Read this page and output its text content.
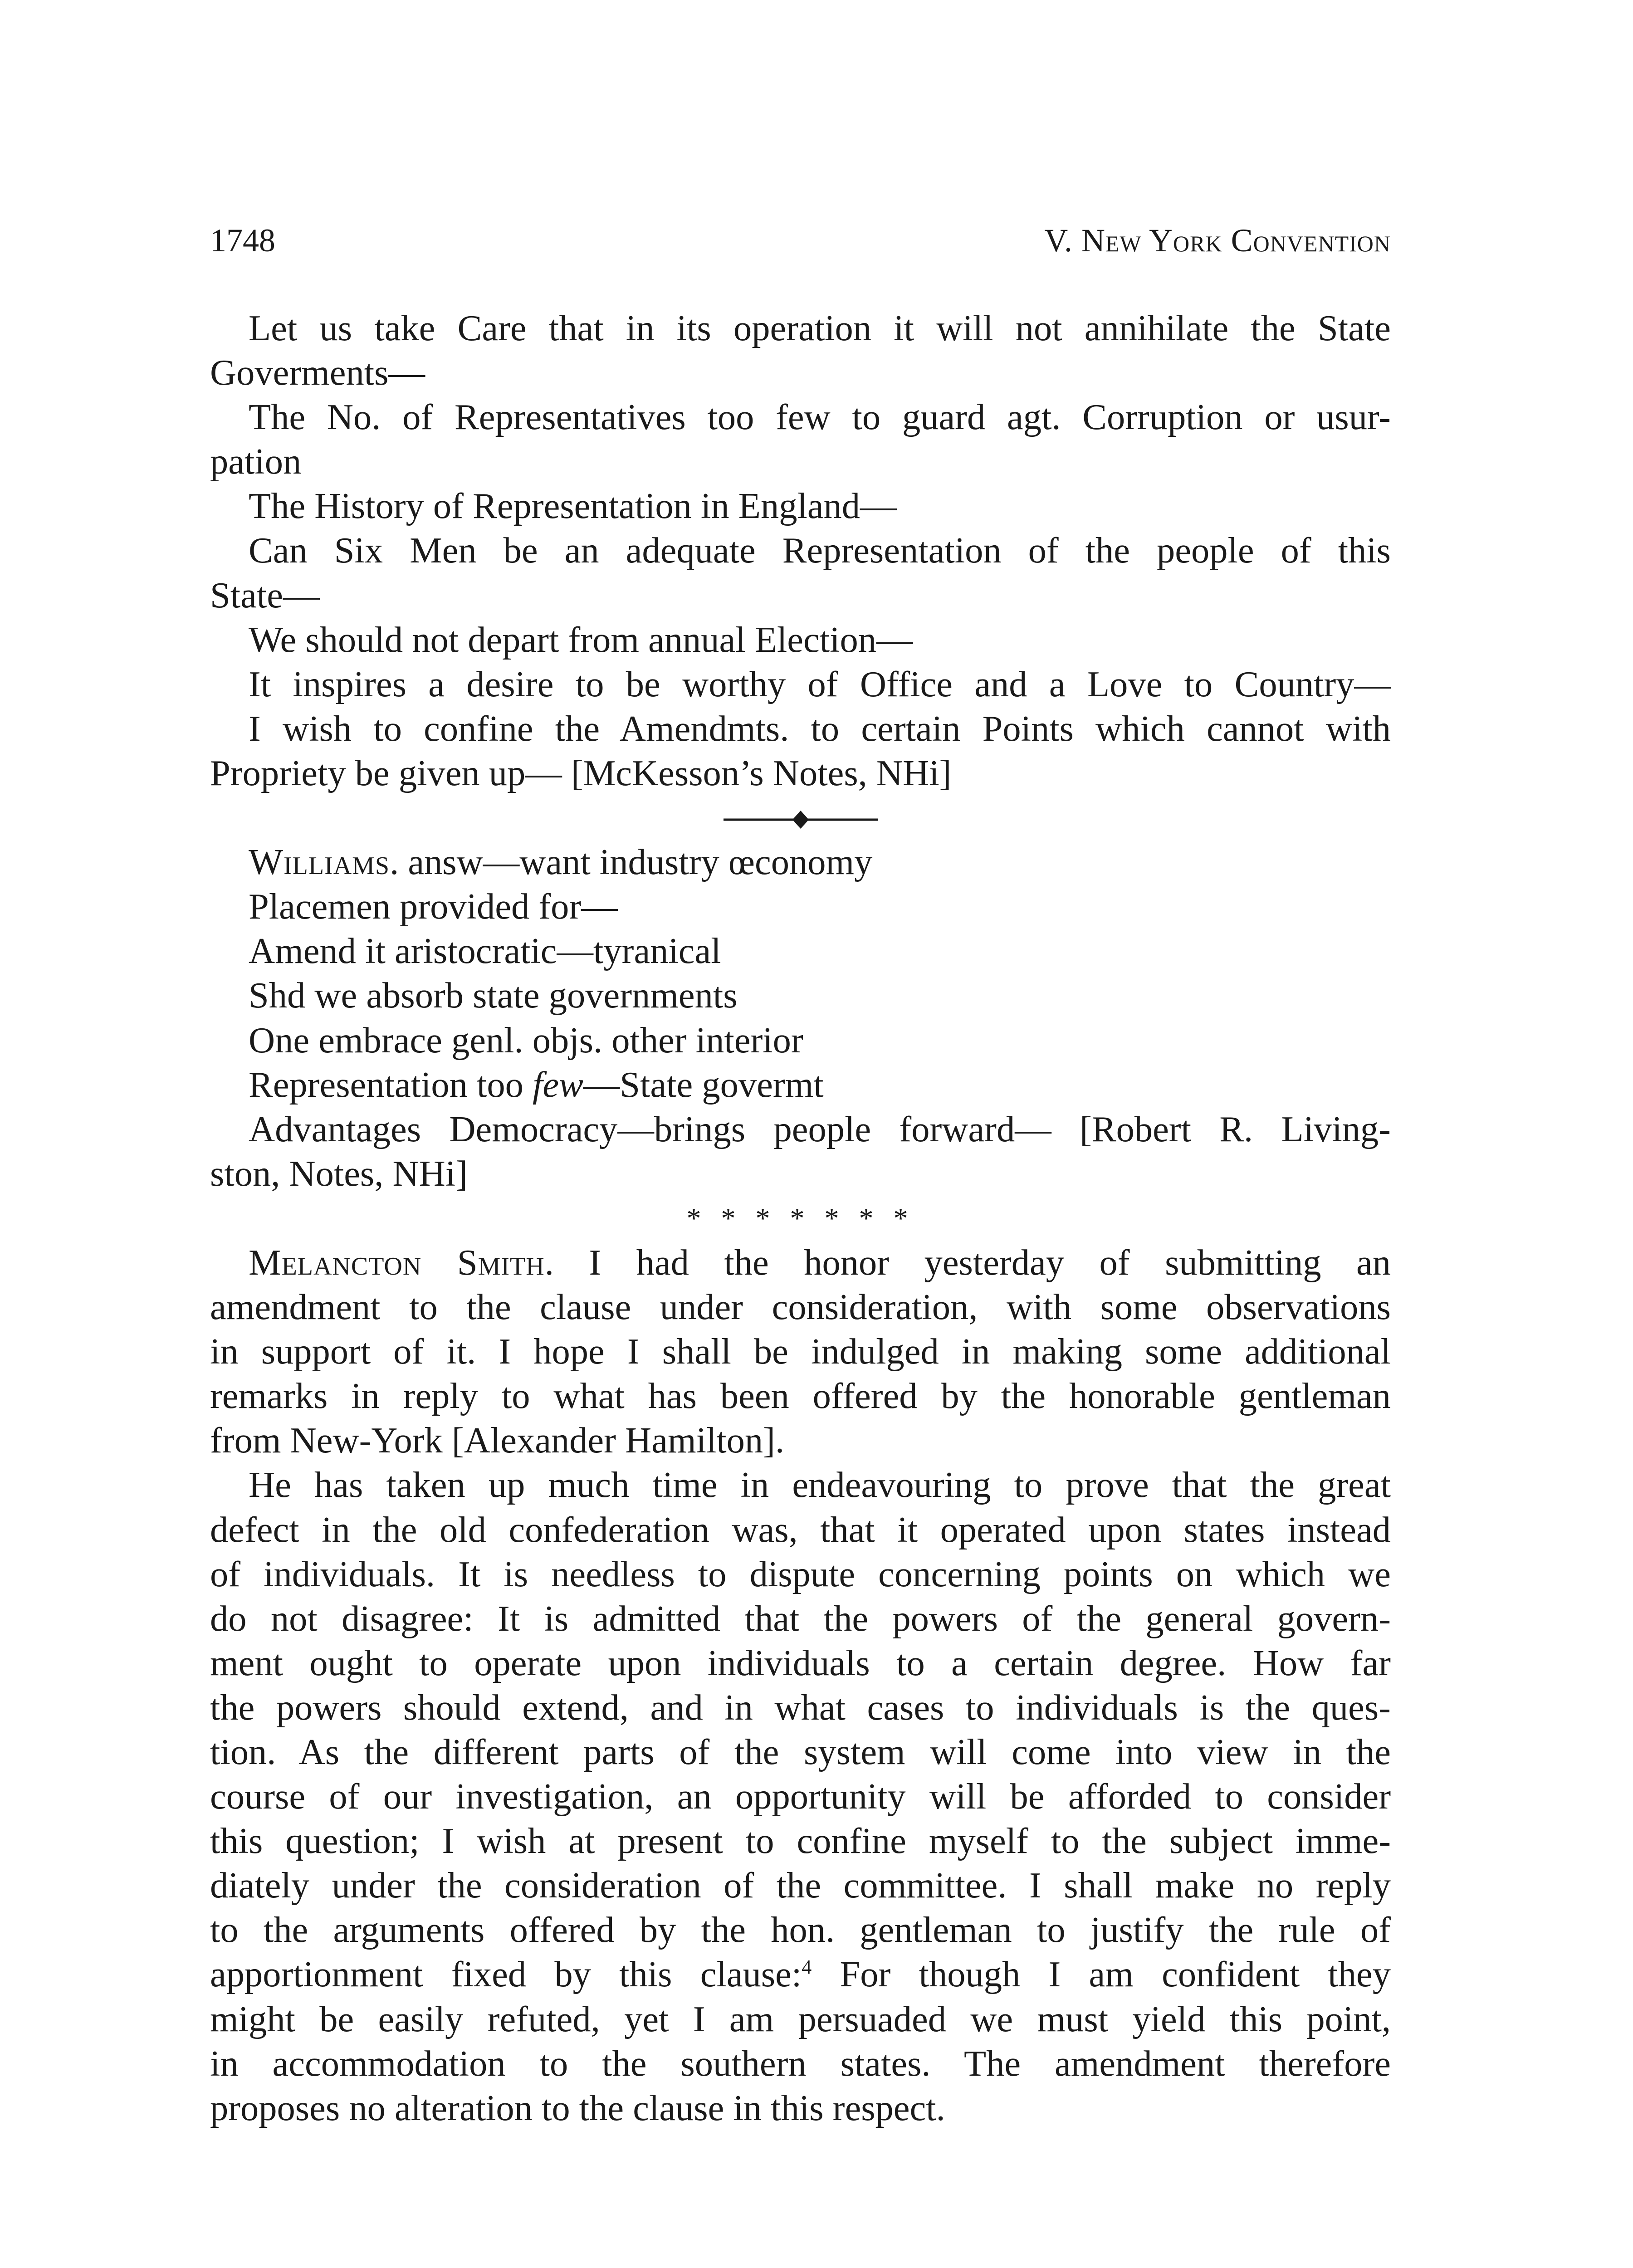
1748	V. New York Convention
Let us take Care that in its operation it will not annihilate the State
Goverments—
The No. of Representatives too few to guard agt. Corruption or usur-
pation
The History of Representation in England—
Can Six Men be an adequate Representation of the people of this
State—
We should not depart from annual Election—
It inspires a desire to be worthy of Office and a Love to Country—
I wish to confine the Amendmts. to certain Points which cannot with
Propriety be given up— [McKesson’s Notes, NHi]
Williams. answ—want industry œconomy
Placemen provided for—
Amend it aristocratic—tyranical
Shd we absorb state governments
One embrace genl. objs. other interior
Representation too few—State govermt
Advantages Democracy—brings people forward— [Robert R. Living-
ston, Notes, NHi]
* * * * * * *
Melancton Smith. I had the honor yesterday of submitting an
amendment to the clause under consideration, with some observations
in support of it. I hope I shall be indulged in making some additional
remarks in reply to what has been offered by the honorable gentleman
from New-York [Alexander Hamilton].
He has taken up much time in endeavouring to prove that the great
defect in the old confederation was, that it operated upon states instead
of individuals. It is needless to dispute concerning points on which we
do not disagree: It is admitted that the powers of the general govern-
ment ought to operate upon individuals to a certain degree. How far
the powers should extend, and in what cases to individuals is the ques-
tion. As the different parts of the system will come into view in the
course of our investigation, an opportunity will be afforded to consider
this question; I wish at present to confine myself to the subject imme-
diately under the consideration of the committee. I shall make no reply
to the arguments offered by the hon. gentleman to justify the rule of
apportionment fixed by this clause:$^4$ For though I am confident they
might be easily refuted, yet I am persuaded we must yield this point,
in accommodation to the southern states. The amendment therefore
proposes no alteration to the clause in this respect.
